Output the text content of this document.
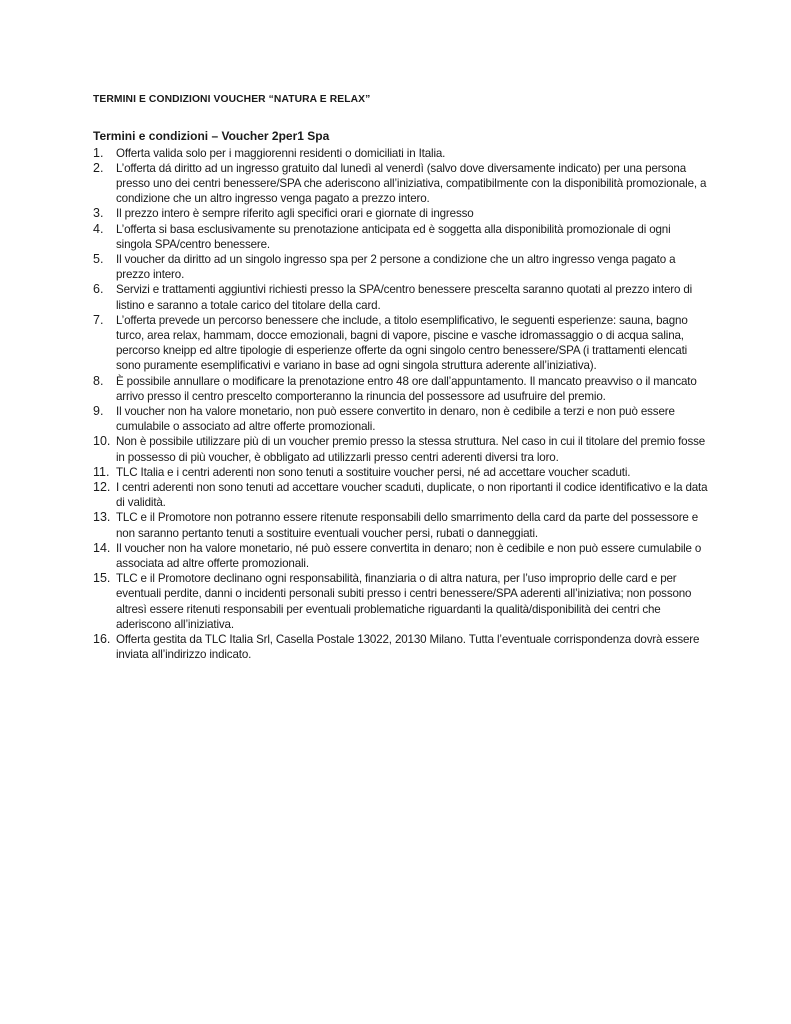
TERMINI E CONDIZIONI VOUCHER “NATURA E RELAX”
Termini e condizioni – Voucher 2per1 Spa
1.	Offerta valida solo per i maggiorenni residenti o domiciliati in Italia.
2.	L’offerta dá diritto ad un ingresso gratuito dal lunedì al venerdì (salvo dove diversamente indicato) per una persona presso uno dei centri benessere/SPA che aderiscono all’iniziativa, compatibilmente con la disponibilità promozionale, a condizione che un altro ingresso venga pagato a prezzo intero.
3.	Il prezzo intero è sempre riferito agli specifici orari e giornate di ingresso
4.	L’offerta si basa esclusivamente su prenotazione anticipata ed è soggetta alla disponibilità promozionale di ogni singola SPA/centro benessere.
5.	Il voucher da diritto ad un singolo ingresso spa per 2 persone a condizione che un altro ingresso venga pagato a prezzo intero.
6.	Servizi e trattamenti aggiuntivi richiesti presso la SPA/centro benessere prescelta saranno quotati al prezzo intero di listino e saranno a totale carico del titolare della card.
7.	L’offerta prevede un percorso benessere che include, a titolo esemplificativo, le seguenti esperienze: sauna, bagno turco, area relax, hammam, docce emozionali, bagni di vapore, piscine e vasche idromassaggio o di acqua salina, percorso kneipp ed altre tipologie di esperienze offerte da ogni singolo centro benessere/SPA (i trattamenti elencati sono puramente esemplificativi e variano in base ad ogni singola struttura aderente all’iniziativa).
8.	È possibile annullare o modificare la prenotazione entro 48 ore dall’appuntamento. Il mancato preavviso o il mancato arrivo presso il centro prescelto comporteranno la rinuncia del possessore ad usufruire del premio.
9.	Il voucher non ha valore monetario, non può essere convertito in denaro, non è cedibile a terzi e non può essere cumulabile o associato ad altre offerte promozionali.
10. Non è possibile utilizzare più di un voucher premio presso la stessa struttura. Nel caso in cui il titolare del premio fosse in possesso di più voucher, è obbligato ad utilizzarli presso centri aderenti diversi tra loro.
11. TLC Italia e i centri aderenti non sono tenuti a sostituire voucher persi, né ad accettare voucher scaduti.
12. I centri aderenti non sono tenuti ad accettare voucher scaduti, duplicate, o non riportanti il codice identificativo e la data di validità.
13. TLC e il Promotore non potranno essere ritenute responsabili dello smarrimento della card da parte del possessore e non saranno pertanto tenuti a sostituire eventuali voucher persi, rubati o danneggiati.
14. Il voucher non ha valore monetario, né può essere convertita in denaro; non è cedibile e non può essere cumulabile o associata ad altre offerte promozionali.
15. TLC e il Promotore declinano ogni responsabilità, finanziaria o di altra natura, per l’uso improprio delle card e per eventuali perdite, danni o incidenti personali subiti presso i centri benessere/SPA aderenti all’iniziativa; non possono altresì essere ritenuti responsabili per eventuali problematiche riguardanti la qualità/disponibilità dei centri che aderiscono all’iniziativa.
16. Offerta gestita da TLC Italia Srl, Casella Postale 13022, 20130 Milano. Tutta l’eventuale corrispondenza dovrà essere inviata all’indirizzo indicato.
